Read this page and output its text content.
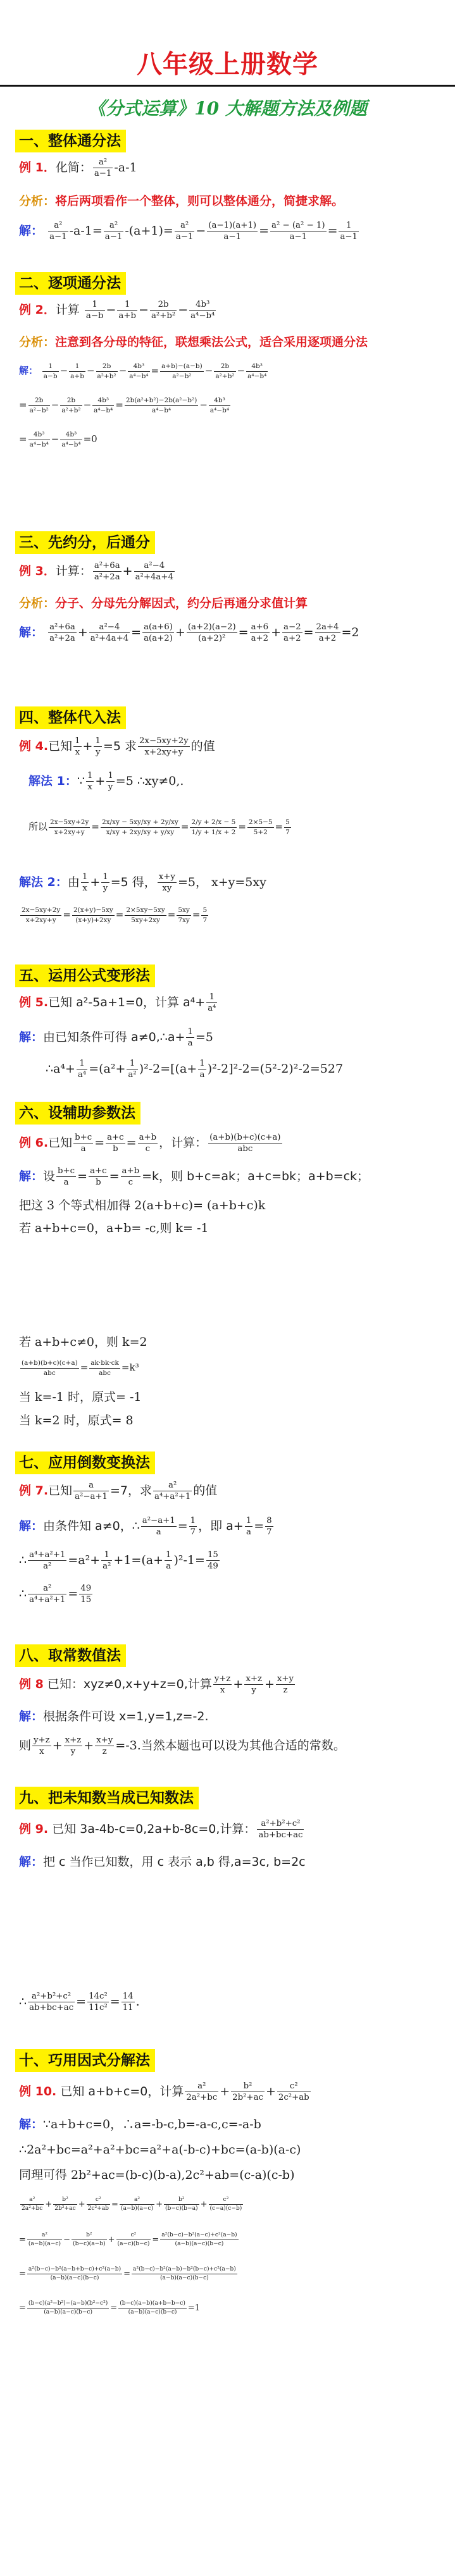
八年级上册数学
《分式运算》10 大解题方法及例题
一、整体通分法
例 1．化简： $\frac{\text{a²}}{a-1} -a-1$
分析：将后两项看作一个整体，则可以整体通分，简捷求解。
解： $\frac{\text{a²}}{a-1} -a-1= \frac{\text{a²}}{a-1} -(a+1)= \frac{\text{a²}}{a-1} - \frac{(a-1)(a+1)}{a-1} = \frac{\text{a² − (a² − 1)}}{a-1} = \frac{1}{a-1}$
二、逐项通分法
例 2．计算 $\frac{1}{a-b} - \frac{1}{a+b} - \frac{2b}{\text{a²+b²}} - \frac{\text{4b³}}{\text{a⁴−b⁴}}$
分析：注意到各分母的特征，联想乘法公式，适合采用逐项通分法
解： $\frac{1}{a-b} - \frac{1}{a+b} - \frac{2b}{\text{a²+b²}} - \frac{\text{4b³}}{\text{a⁴−b⁴}} = \frac{a+b)-(a-b)}{\text{a²−b²}} - \frac{2b}{\text{a²+b²}} - \frac{\text{4b³}}{\text{a⁴−b⁴}}$
= $\frac{2b}{\text{a²−b²}} - \frac{2b}{\text{a²+b²}} - \frac{\text{4b³}}{\text{a⁴−b⁴}} = \frac{\text{2b(a²+b²)−2b(a²−b²)}}{\text{a⁴−b⁴}} - \frac{\text{4b³}}{\text{a⁴−b⁴}}$
= $\frac{\text{4b³}}{\text{a⁴−b⁴}} - \frac{\text{4b³}}{\text{a⁴−b⁴}} =0$
三、先约分，后通分
例 3．计算： $\frac{\text{a²+6a}}{\text{a²+2a}} + \frac{\text{a²−4}}{\text{a²+4a+4}}$
分析：分子、分母先分解因式，约分后再通分求值计算
解： $\frac{\text{a²+6a}}{\text{a²+2a}} + \frac{\text{a²−4}}{\text{a²+4a+4}} = \frac{a(a+6)}{a(a+2)} + \frac{(a+2)(a-2)}{\text{(a+2)²}} = \frac{a+6}{a+2} + \frac{a-2}{a+2} = \frac{2a+4}{a+2} =2$
四、整体代入法
例 4.已知 $\frac{1}{x} + \frac{1}{y} =5$ 求 $\frac{2x-5xy+2y}{x+2xy+y}$ 的值
解法 1：∵ $\frac{1}{x} + \frac{1}{y} =5$ ∴xy≠0,.
所以 $\frac{2x-5xy+2y}{x+2xy+y} = \frac{2x/xy - 5xy/xy + 2y/xy}{x/xy + 2xy/xy + y/xy} = \frac{2/y + 2/x - 5}{1/y + 1/x + 2} = \frac{2\times 5-5}{5+2} = \frac{5}{7}$
解法 2：由 $\frac{1}{x} + \frac{1}{y} =5$ 得， $\frac{x+y}{xy} =5$， x+y=5xy
$\frac{2x-5xy+2y}{x+2xy+y} = \frac{2(x+y)-5xy}{(x+y)+2xy} = \frac{2\times 5xy-5xy}{5xy+2xy} = \frac{5xy}{7xy} = \frac{5}{7}$
五、运用公式变形法
例 5.已知 a²-5a+1=0，计算 $a^4+ \frac{1}{\text{a⁴}}$
解：由已知条件可得 a≠0,∴a+ $\frac{1}{a} =5$
∴a⁴+ $\frac{1}{\text{a⁴}} =(a^2+ \frac{1}{\text{a²}} )^2-2=[(a+ \frac{1}{a} )^2-2]^2-2=(5^2-2)^2-2=527$
六、设辅助参数法
例 6.已知 $\frac{b+c}{a} = \frac{a+c}{b} = \frac{a+b}{c}$ ，计算： $\frac{(a+b)(b+c)(c+a)}{\text{abc}}$
解：设 $\frac{b+c}{a} = \frac{a+c}{b} = \frac{a+b}{c} =k$，则 b+c=ak；a+c=bk；a+b=ck；
把这 3 个等式相加得 2(a+b+c)= (a+b+c)k
若 a+b+c=0，a+b= -c,则 k= -1
若 a+b+c≠0，则 k=2
$\frac{(a+b)(b+c)(c+a)}{\text{abc}} = \frac{ak\cdot bk\cdot ck}{\text{abc}} =k^3$
当 k=-1 时，原式= -1
当 k=2 时，原式= 8
七、应用倒数变换法
例 7.已知 $\frac{a}{\text{a²−a+1}} =7$，求 $\frac{\text{a²}}{\text{a⁴+a²+1}}$ 的值
解：由条件知 a≠0，∴ $\frac{\text{a²−a+1}}{a} = \frac{1}{7}$ ，即 $a+ \frac{1}{a} = \frac{8}{7}$
∴ $\frac{\text{a⁴+a²+1}}{\text{a²}} =a^2+ \frac{1}{\text{a²}} +1=(a+ \frac{1}{a} )^2-1= \frac{15}{49}$
∴ $\frac{\text{a²}}{\text{a⁴+a²+1}} = \frac{49}{15}$
八、取常数值法
例 8 已知：xyz≠0,x+y+z=0,计算 $\frac{y+z}{x} + \frac{x+z}{y} + \frac{x+y}{z}$
解：根据条件可设 x=1,y=1,z=-2.
则 $\frac{y+z}{x} + \frac{x+z}{y} + \frac{x+y}{z} =-3$.当然本题也可以设为其他合适的常数。
九、把未知数当成已知数法
例 9. 已知 3a-4b-c=0,2a+b-8c=0,计算： $\frac{\text{a²+b²+c²}}{ab+bc+ac}$
解：把 c 当作已知数，用 c 表示 a,b 得,a=3c, b=2c
∴ $\frac{\text{a²+b²+c²}}{ab+bc+ac} = \frac{\text{14c²}}{\text{11c²}} = \frac{14}{11}$ .
十、巧用因式分解法
例 10. 已知 a+b+c=0，计算 $\frac{\text{a²}}{\text{2a²+bc}} + \frac{\text{b²}}{\text{2b²+ac}} + \frac{\text{c²}}{\text{2c²+ab}}$
解：∵a+b+c=0，∴a=-b-c,b=-a-c,c=-a-b
∴2a²+bc=a²+a²+bc=a²+a(-b-c)+bc=(a-b)(a-c)
同理可得 2b²+ac=(b-c)(b-a),2c²+ab=(c-a)(c-b)
$\frac{\text{a²}}{\text{2a²+bc}} + \frac{\text{b²}}{\text{2b²+ac}} + \frac{\text{c²}}{\text{2c²+ab}} = \frac{\text{a²}}{(a-b)(a-c)} + \frac{\text{b²}}{(b-c)(b-a)} + \frac{\text{c²}}{(c-a)(c-b)}$
= $\frac{\text{a²}}{(a-b)(a-c)} - \frac{\text{b²}}{(b-c)(a-b)} + \frac{\text{c²}}{(a-c)(b-c)} = \frac{\text{a²(b−c)−b²(a−c)+c²(a−b)}}{(a-b)(a-c)(b-c)}$
= $\frac{\text{a²(b−c)−b²(a−b+b−c)+c²(a−b)}}{(a-b)(a-c)(b-c)} = \frac{\text{a²(b−c)−b²(a−b)−b²(b−c)+c²(a−b)}}{(a-b)(a-c)(b-c)}$
= $\frac{\text{(b−c)(a²−b²)−(a−b)(b²−c²)}}{(a-b)(a-c)(b-c)} = \frac{(b-c)(a-b)(a+b-b-c)}{(a-b)(a-c)(b-c)} =1$
